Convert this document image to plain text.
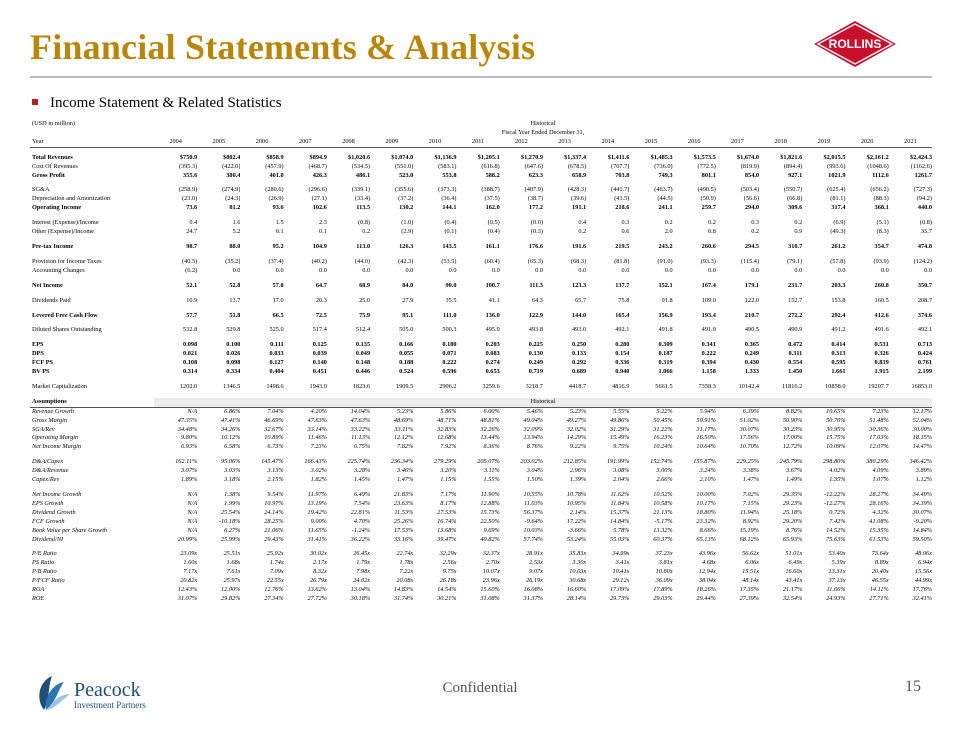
Financial Statements & Analysis	ROLLINS
Income Statement & Related Statistics
(USD in million)	Historical																	
	Fiscal Year Ended December 31,																	
Year	2004	2005	2006	2007	2008	2009	2010	2011	2012	2013	2014	2015	2016	2017	2018	2019	2020	2021

Total Revenues	$750.9	$802.4	$858.9	$894.9	$1,020.6	$1,074.0	$1,136.9	$1,205.1	$1,270.9	$1,337.4	$1,411.6	$1,485.3	$1,573.5	$1,674.0	$1,821.6	$2,015.5	$2,161.2	$2,424.3
Cost Of Revenues	(395.3)	(422.0)	(457.9)	(468.7)	(534.5)	(551.0)	(583.1)	(616.8)	(647.6)	(678.5)	(707.7)	(736.0)	(772.5)	(819.9)	(894.4)	(993.6)	(1048.6)	(1162.6)
Gross Profit	355.6	380.4	401.0	426.3	486.1	523.0	553.8	588.2	623.3	658.9	703.8	749.3	801.1	854.0	927.1	1021.9	1112.6	1261.7

SG&A	(258.9)	(274.9)	(280.6)	(296.6)	(339.1)	(355.6)	(373.3)	(388.7)	(407.9)	(428.3)	(441.7)	(463.7)	(490.5)	(503.4)	(550.7)	(625.4)	(656.2)	(727.3)
Depreciation and Amortization	(23.0)	(24.3)	(26.9)	(27.1)	(33.4)	(37.2)	(36.4)	(37.5)	(38.7)	(39.6)	(43.5)	(44.5)	(50.9)	(56.6)	(66.8)	(81.1)	(88.3)	(94.2)
Operating Income	73.6	81.2	93.6	102.6	113.5	130.2	144.1	162.0	177.2	191.1	218.6	241.1	259.7	294.0	309.6	317.4	368.1	440.0

Interest (Expense)/Income	0.4	1.6	1.5	2.3	(0.8)	(1.0)	(0.4)	(0.5)	(0.0)	0.4	0.3	0.2	0.2	0.3	0.2	(6.9)	(5.1)	(0.8)
Other (Expense)/Income	24.7	5.2	0.1	0.1	0.2	(2.9)	(0.1)	(0.4)	(0.3)	0.2	0.6	2.0	0.8	0.2	0.9	(49.3)	(8.3)	35.7

Pre-tax Income	98.7	88.0	95.2	104.9	113.0	126.3	143.5	161.1	176.6	191.6	219.5	243.2	260.6	294.5	310.7	261.2	354.7	474.8

Provision for Income Taxes	(40.5)	(35.2)	(37.4)	(40.2)	(44.0)	(42.3)	(53.5)	(60.4)	(65.3)	(68.3)	(81.8)	(91.0)	(93.3)	(115.4)	(79.1)	(57.8)	(93.9)	(124.2)
Accounting Changes	(6.2)	0.0	0.0	0.0	0.0	0.0	0.0	0.0	0.0	0.0	0.0	0.0	0.0	0.0	0.0	0.0	0.0	0.0

Net Income	52.1	52.8	57.8	64.7	68.9	84.0	90.0	100.7	111.3	123.3	137.7	152.1	167.4	179.1	231.7	203.3	260.8	350.7

Dividends Paid	10.9	13.7	17.0	20.3	25.0	27.9	35.5	41.1	64.3	65.7	75.8	91.8	109.0	122.0	152.7	153.8	160.5	208.7

Levered Free Cash Flow	57.7	51.8	66.5	72.5	75.9	95.1	111.0	136.0	122.9	144.0	165.4	156.9	193.4	210.7	272.2	292.4	412.6	374.6

Diluted Shares Outstanding	532.8	529.8	525.0	517.4	512.4	505.0	500.3	495.9	493.8	493.0	492.1	491.8	491.0	490.5	490.9	491.2	491.6	492.1

EPS	0.098	0.100	0.111	0.125	0.135	0.166	0.180	0.203	0.225	0.250	0.280	0.309	0.341	0.365	0.472	0.414	0.531	0.713
DPS	0.021	0.026	0.033	0.039	0.049	0.055	0.071	0.083	0.130	0.133	0.154	0.187	0.222	0.249	0.311	0.313	0.326	0.424
FCF PS	0.108	0.098	0.127	0.140	0.148	0.188	0.222	0.274	0.249	0.292	0.336	0.319	0.394	0.430	0.554	0.595	0.839	0.761
BV PS	0.314	0.334	0.404	0.451	0.446	0.524	0.596	0.653	0.719	0.689	0.940	1.066	1.158	1.333	1.450	1.661	1.915	2.199

Market Capitalization	1202.0	1346.5	1498.6	1943.0	1823.6	1909.5	2906.2	3259.6	3218.7	4418.7	4816.9	5661.5	7358.3	10142.4	11816.2	10858.0	19207.7	16853.0

Assumptions	Historical																	
Revenue Growth	N/A	6.86%	7.04%	4.20%	14.04%	5.23%	5.86%	6.00%	5.46%	5.23%	5.55%	5.22%	5.94%	6.39%	8.82%	10.65%	7.23%	12.17%
Gross Margin	47.35%	47.41%	46.69%	47.63%	47.63%	48.69%	48.71%	48.81%	49.04%	49.27%	49.86%	50.45%	50.91%	51.02%	50.90%	50.70%	51.48%	52.04%
SGA/Rev	34.48%	34.26%	32.67%	33.14%	33.22%	33.11%	32.83%	32.26%	32.09%	32.02%	31.29%	31.22%	31.17%	30.07%	30.23%	30.95%	30.36%	30.00%
Operating Margin	9.80%	10.12%	10.89%	11.46%	11.13%	12.12%	12.68%	13.44%	13.94%	14.29%	15.49%	16.23%	16.50%	17.56%	17.00%	15.75%	17.03%	18.15%
Net Income Margin	6.93%	6.58%	6.73%	7.23%	6.75%	7.82%	7.92%	8.36%	8.76%	9.22%	9.75%	10.24%	10.64%	10.70%	12.72%	10.09%	12.07%	14.47%

D&A/Capex	162.11%	95.06%	145.47%	166.43%	225.74%	236.34%	279.29%	205.07%	203.02%	212.85%	191.99%	152.74%	155.87%	229.25%	245.79%	298.80%	380.29%	346.42%
D&A/Revenue	3.07%	3.03%	3.13%	3.02%	3.28%	3.46%	3.20%	3.11%	3.04%	2.96%	3.08%	3.00%	3.24%	3.38%	3.67%	4.02%	4.09%	3.89%
Capex/Rev	1.89%	3.18%	2.15%	1.82%	1.45%	1.47%	1.15%	1.55%	1.50%	1.39%	2.04%	2.66%	2.10%	1.47%	1.49%	1.35%	1.07%	1.12%

Net Income Growth	N/A	1.38%	9.54%	11.97%	6.49%	21.83%	7.17%	11.90%	10.55%	10.78%	11.62%	10.52%	10.00%	7.02%	29.35%	-12.22%	28.27%	34.49%
EPS Growth	N/A	1.99%	10.97%	13.19%	7.54%	23.63%	8.17%	12.88%	11.03%	10.95%	11.84%	10.58%	10.17%	7.15%	29.23%	-12.27%	28.16%	34.39%
Dividend Growth	N/A	25.54%	24.14%	19.42%	22.81%	11.53%	27.53%	15.73%	56.37%	2.14%	15.37%	21.13%	18.80%	11.94%	25.18%	0.72%	4.32%	30.07%
FCF Growth	N/A	-10.18%	28.25%	9.00%	4.70%	25.26%	16.74%	22.50%	-9.64%	17.22%	14.84%	-5.17%	23.32%	8.92%	29.20%	7.42%	41.08%	-9.20%
Book Value per Share Growth	N/A	6.27%	21.06%	11.65%	-1.24%	17.53%	13.68%	9.69%	10.03%	-3.66%	5.78%	13.32%	8.66%	15.19%	8.76%	14.52%	15.35%	14.84%
Dividend/NI	20.99%	25.99%	29.43%	31.41%	36.22%	33.16%	39.47%	40.82%	57.74%	53.24%	55.03%	60.37%	65.13%	68.12%	65.93%	75.63%	61.53%	59.50%

P/E Ratio	23.09x	25.51x	25.92x	30.02x	26.45x	22.74x	32.29x	32.37x	28.91x	35.83x	34.99x	37.23x	43.96x	56.62x	51.01x	53.40x	73.64x	48.06x
PS Ratio	1.60x	1.68x	1.74x	2.17x	1.79x	1.78x	2.56x	2.70x	2.53x	3.30x	3.41x	3.81x	4.68x	6.06x	6.49x	5.39x	8.89x	6.94x
P/B Ratio	7.17x	7.61x	7.09x	8.32x	7.98x	7.22x	9.75x	10.07x	9.07x	10.03x	10.41x	10.80x	12.94x	15.51x	16.60x	13.31x	20.40x	15.56x
P/FCF Ratio	20.82x	25.97x	22.55x	26.79x	24.02x	20.08x	26.18x	23.96x	26.19x	30.68x	29.12x	36.09x	38.04x	48.14x	43.41x	37.13x	46.55x	44.99x
ROA	12.43%	12.00%	12.76%	13.62%	13.04%	14.83%	14.54%	15.60%	16.08%	16.60%	17.09%	17.89%	18.26%	17.35%	21.17%	11.66%	14.11%	17.76%
ROE	31.07%	29.82%	27.34%	27.72%	30.18%	31.74%	30.21%	31.08%	31.37%	28.14%	29.73%	29.03%	29.44%	27.39%	32.54%	24.93%	27.71%	32.41%
Peacock
Investment Partners
Confidential	15
